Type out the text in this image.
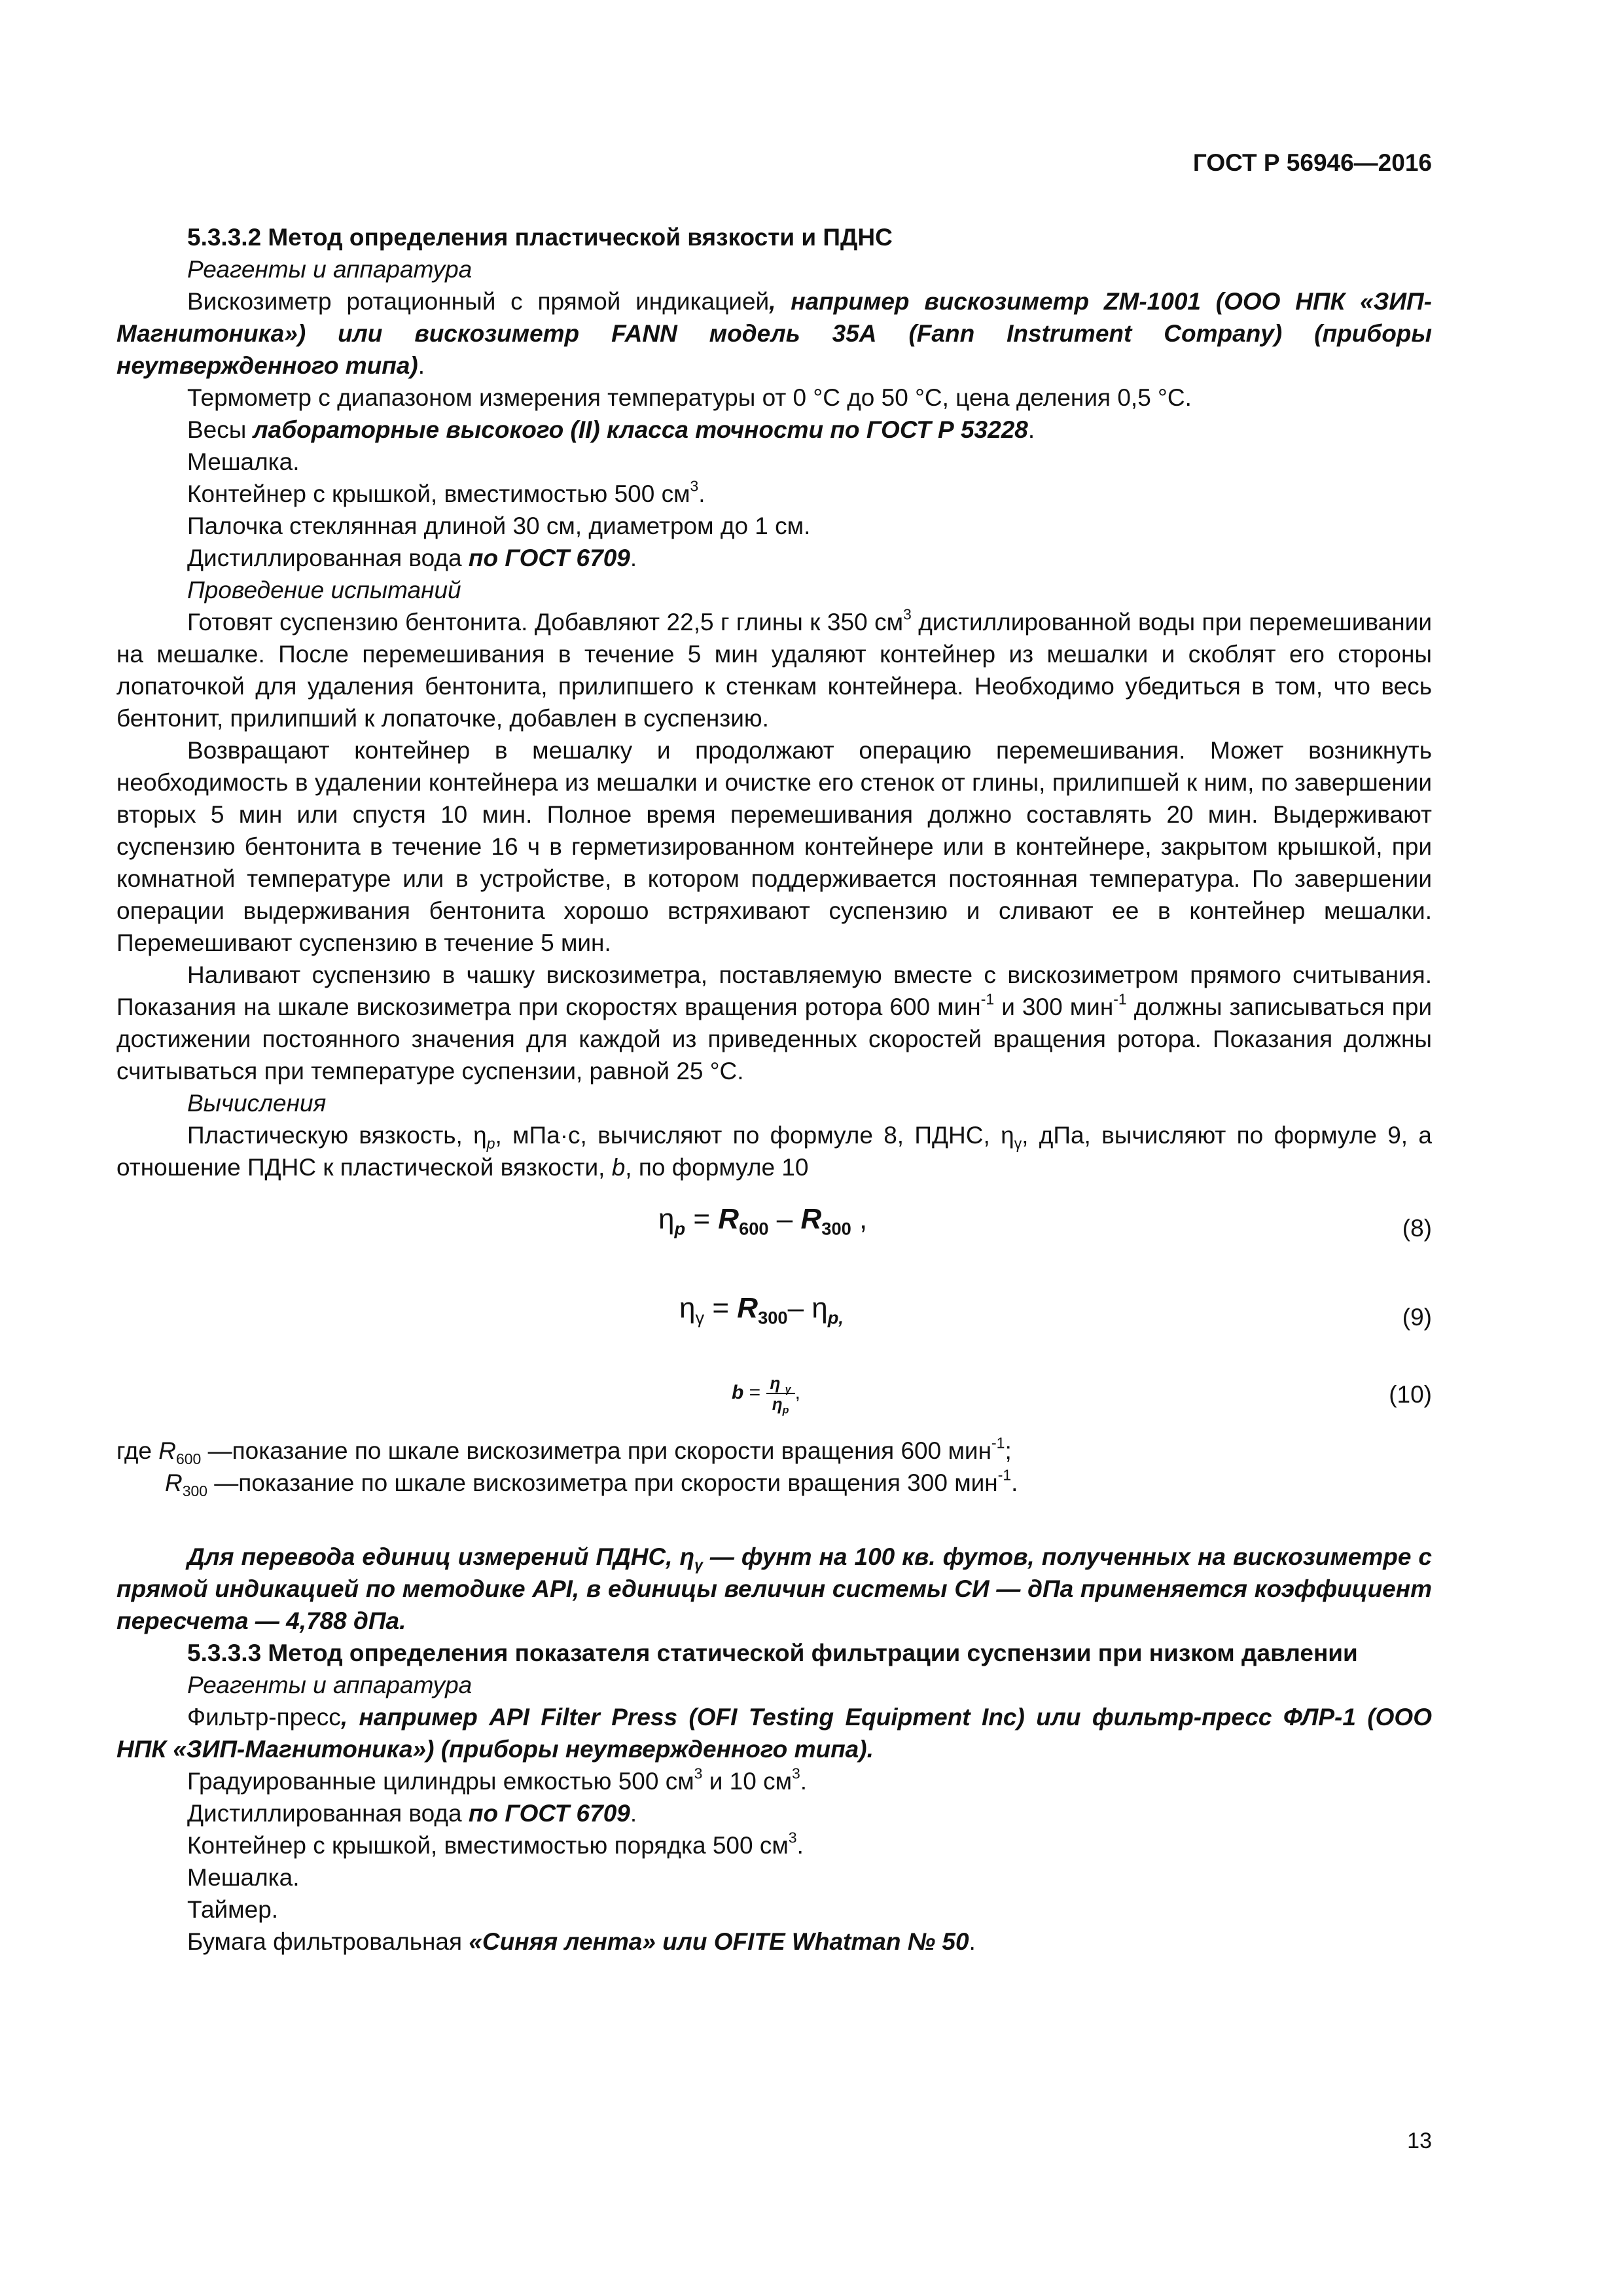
ГОСТ Р 56946—2016

5.3.3.2 Метод определения пластической вязкости и ПДНС

Реагенты и аппаратура

Вискозиметр ротационный с прямой индикацией, например вискозиметр ZM-1001 (ООО НПК «ЗИП-Магнитоника») или вискозиметр FANN модель 35А (Fann Instrument Company) (приборы неутвержденного типа).

Термометр с диапазоном измерения температуры от 0 °С до 50 °С, цена деления 0,5 °С.

Весы лабораторные высокого (II) класса точности по ГОСТ Р 53228.

Мешалка.

Контейнер с крышкой, вместимостью 500 $см^3$.

Палочка стеклянная длиной 30 см, диаметром до 1 см.

Дистиллированная вода по ГОСТ 6709.

Проведение испытаний

Готовят суспензию бентонита. Добавляют 22,5 г глины к 350 $см^3$ дистиллированной воды при перемешивании на мешалке. После перемешивания в течение 5 мин удаляют контейнер из мешалки и скоблят его стороны лопаточкой для удаления бентонита, прилипшего к стенкам контейнера. Необходимо убедиться в том, что весь бентонит, прилипший к лопаточке, добавлен в суспензию.

Возвращают контейнер в мешалку и продолжают операцию перемешивания. Может возникнуть необходимость в удалении контейнера из мешалки и очистке его стенок от глины, прилипшей к ним, по завершении вторых 5 мин или спустя 10 мин. Полное время перемешивания должно составлять 20 мин. Выдерживают суспензию бентонита в течение 16 ч в герметизированном контейнере или в контейнере, закрытом крышкой, при комнатной температуре или в устройстве, в котором поддерживается постоянная температура. По завершении операции выдерживания бентонита хорошо встряхивают суспензию и сливают ее в контейнер мешалки. Перемешивают суспензию в течение 5 мин.

Наливают суспензию в чашку вискозиметра, поставляемую вместе с вискозиметром прямого считывания. Показания на шкале вискозиметра при скоростях вращения ротора 600 мин$^{-1}$ и 300 мин$^{-1}$ должны записываться при достижении постоянного значения для каждой из приведенных скоростей вращения ротора. Показания должны считываться при температуре суспензии, равной 25 °С.

Вычисления

Пластическую вязкость, $\eta_p$, мПа·с, вычисляют по формуле 8, ПДНС, $\eta_\gamma$, дПа, вычисляют по формуле 9, а отношение ПДНС к пластической вязкости, b, по формуле 10

$\eta_p = R_{600} - R_{300}$ ,	(8)
$\eta_\gamma = R_{300}-$ $\eta_{p,}$	(9)
$b = \frac{\eta _\gamma}{\eta_p}$ ,	(10)

где $R_{600}$ —показание по шкале вискозиметра при скорости вращения 600 мин$^{-1}$;

$R_{300}$ —показание по шкале вискозиметра при скорости вращения 300 мин$^{-1}$.

Для перевода единиц измерений ПДНС, $\eta_\gamma$ — фунт на 100 кв. футов, полученных на вискозиметре с прямой индикацией по методике API, в единицы величин системы СИ — дПа применяется коэффициент пересчета — 4,788 дПа.

5.3.3.3 Метод определения показателя статической фильтрации суспензии при низком давлении

Реагенты и аппаратура

Фильтр-пресс, например API Filter Press (OFI Testing Equipment Inc) или фильтр-пресс ФЛР-1 (ООО НПК «ЗИП-Магнитоника») (приборы неутвержденного типа).

Градуированные цилиндры емкостью 500 $см^3$ и 10 $см^3$.

Дистиллированная вода по ГОСТ 6709.

Контейнер с крышкой, вместимостью порядка 500 $см^3$.

Мешалка.

Таймер.

Бумага фильтровальная «Синяя лента» или OFITE Whatman № 50.

13
